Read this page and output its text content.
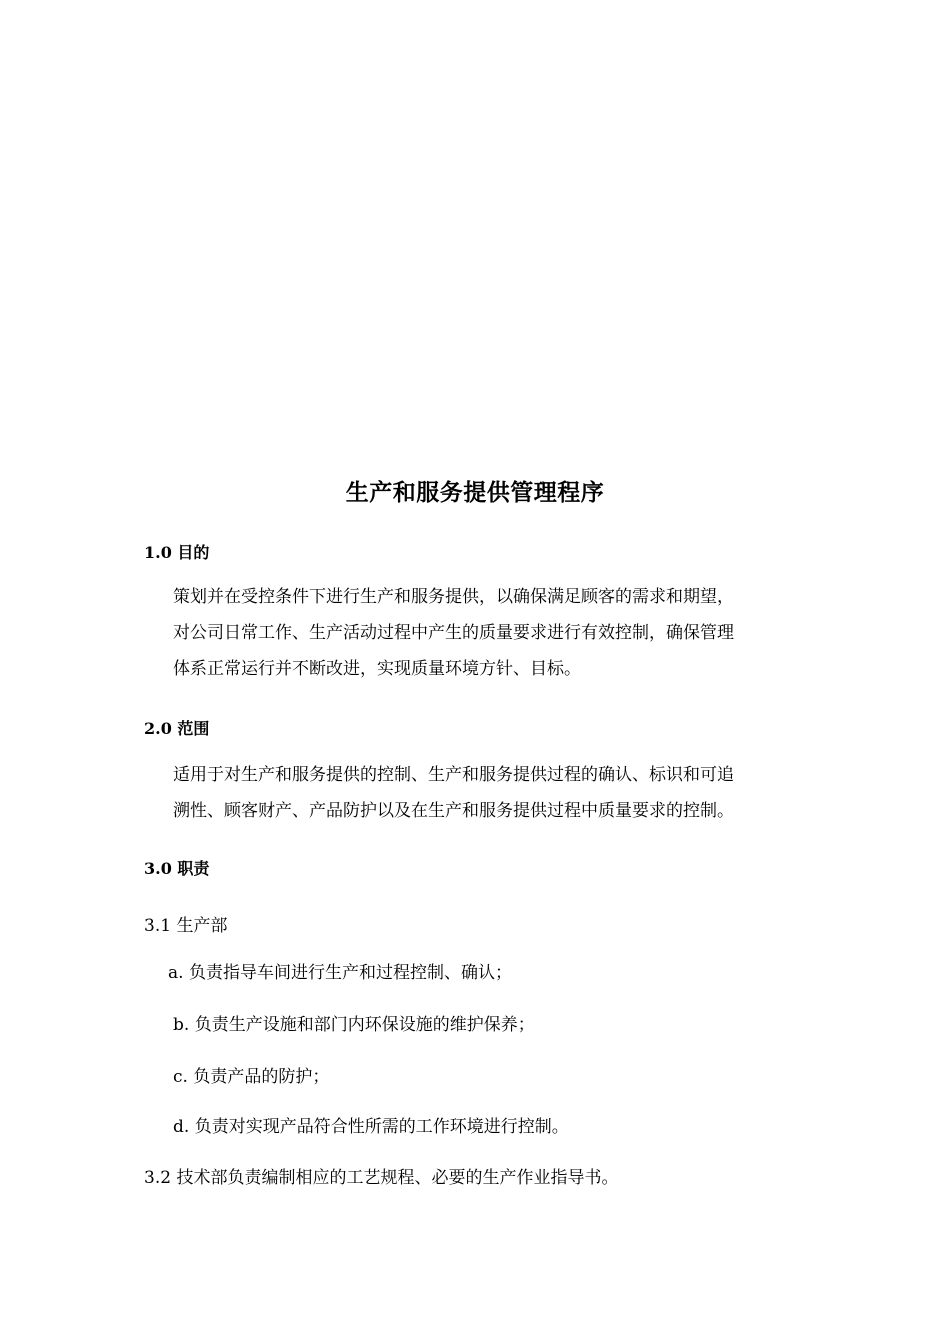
生产和服务提供管理程序
1.0 目的
策划并在受控条件下进行生产和服务提供，以确保满足顾客的需求和期望，
对公司日常工作、生产活动过程中产生的质量要求进行有效控制，确保管理
体系正常运行并不断改进，实现质量环境方针、目标。
2.0 范围
适用于对生产和服务提供的控制、生产和服务提供过程的确认、标识和可追
溯性、顾客财产、产品防护以及在生产和服务提供过程中质量要求的控制。
3.0 职责
3.1 生产部
a. 负责指导车间进行生产和过程控制、确认；
b. 负责生产设施和部门内环保设施的维护保养；
c. 负责产品的防护；
d. 负责对实现产品符合性所需的工作环境进行控制。
3.2 技术部负责编制相应的工艺规程、必要的生产作业指导书。
